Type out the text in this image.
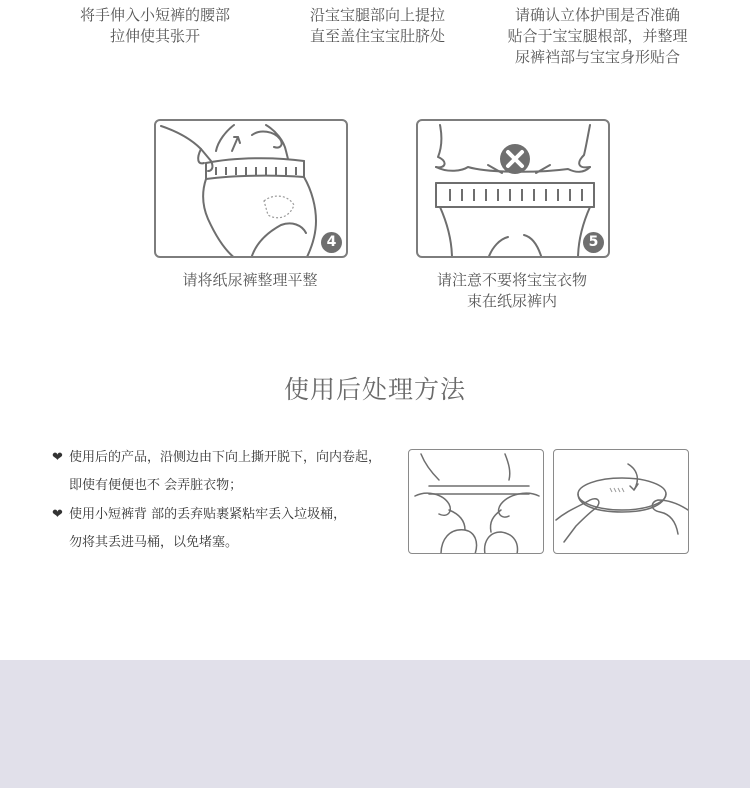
将手伸入小短裤的腰部
拉伸使其张开
沿宝宝腿部向上提拉
直至盖住宝宝肚脐处
请确认立体护围是否准确
贴合于宝宝腿根部，并整理
尿裤裆部与宝宝身形贴合
4
请将纸尿裤整理平整
5
请注意不要将宝宝衣物
束在纸尿裤内
使用后处理方法
❤ 使用后的产品，沿侧边由下向上撕开脱下，向内卷起，
即使有便便也不 会弄脏衣物；
❤ 使用小短裤背 部的丢弃贴裹紧粘牢丢入垃圾桶，
勿将其丢进马桶，以免堵塞。
